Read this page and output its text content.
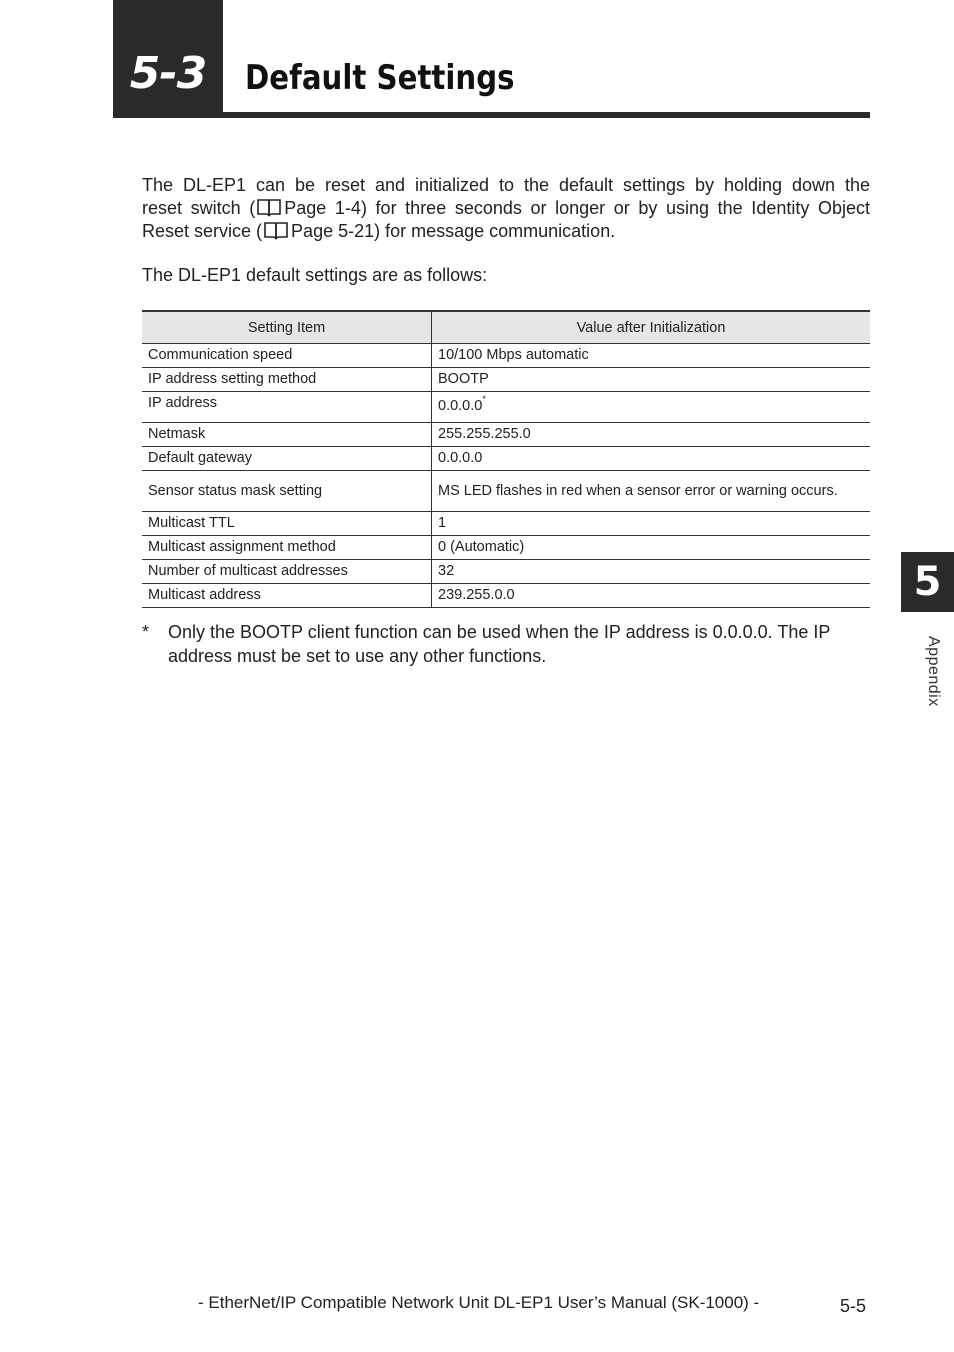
5-3	Default Settings

The DL-EP1 can be reset and initialized to the default settings by holding down the
reset switch ( Page 1-4) for three seconds or longer or by using the Identity Object
Reset service ( Page 5-21) for message communication.

The DL-EP1 default settings are as follows:

Setting Item	Value after Initialization
Communication speed	10/100 Mbps automatic
IP address setting method	BOOTP
IP address	0.0.0.0*
Netmask	255.255.255.0
Default gateway	0.0.0.0
Sensor status mask setting	MS LED flashes in red when a sensor error or warning occurs.
Multicast TTL	1
Multicast assignment method	0 (Automatic)
Number of multicast addresses	32
Multicast address	239.255.0.0
* Only the BOOTP client function can be used when the IP address is 0.0.0.0. The IP address must be set to use any other functions.
5
Appendix
- EtherNet/IP Compatible Network Unit DL-EP1 User’s Manual (SK-1000) -	5-5
